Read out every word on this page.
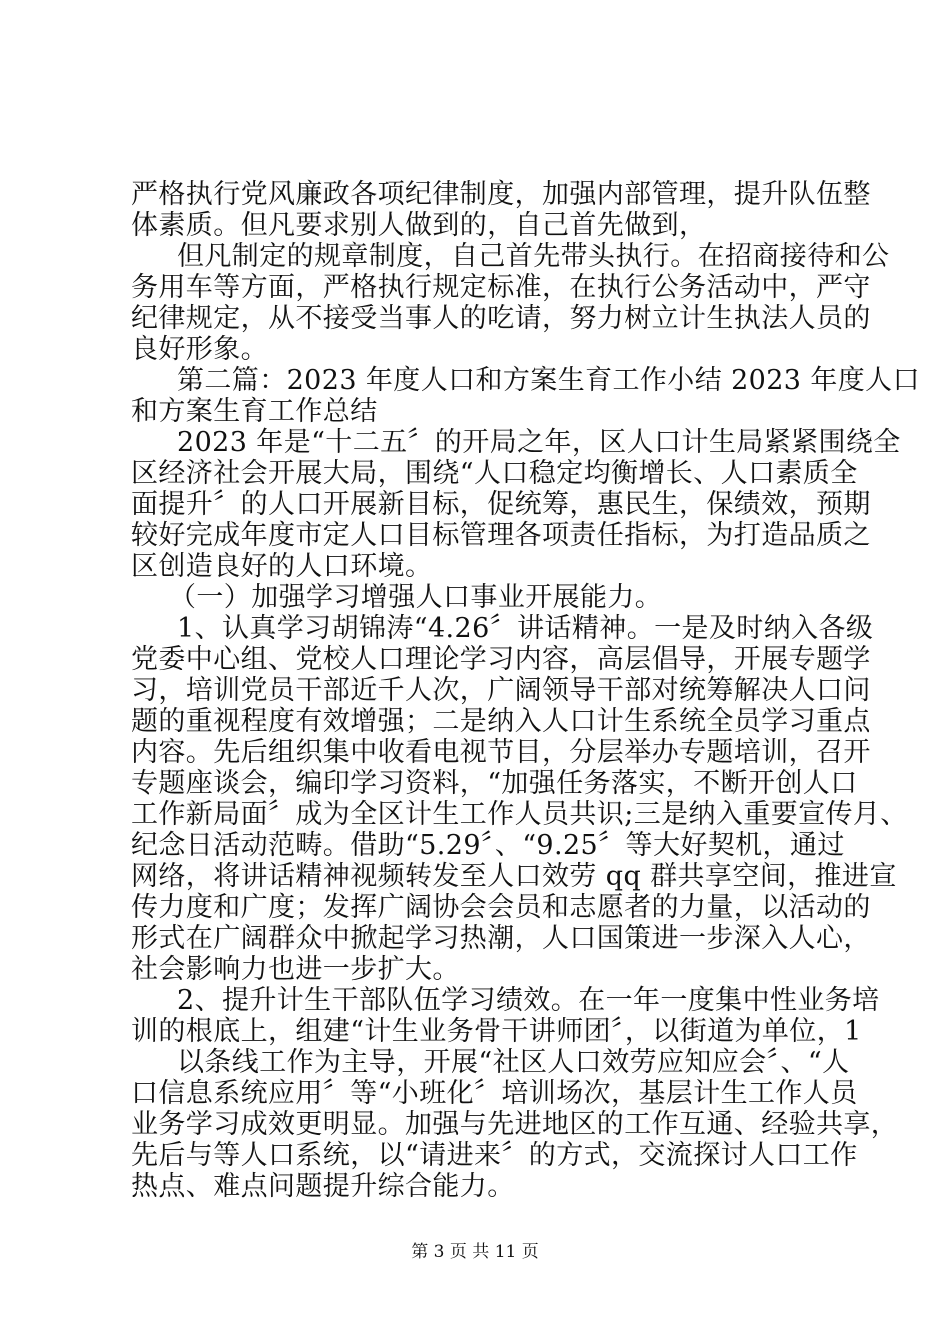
严格执行党风廉政各项纪律制度，加强内部管理，提升队伍整
体素质。但凡要求别人做到的，自己首先做到，
但凡制定的规章制度，自己首先带头执行。在招商接待和公
务用车等方面，严格执行规定标准，在执行公务活动中，严守
纪律规定，从不接受当事人的吃请，努力树立计生执法人员的
良好形象。
第二篇：2023 年度人口和方案生育工作小结 2023 年度人口
和方案生育工作总结
2023 年是“十二五〞的开局之年，区人口计生局紧紧围绕全
区经济社会开展大局，围绕“人口稳定均衡增长、人口素质全
面提升〞的人口开展新目标，促统筹，惠民生，保绩效，预期
较好完成年度市定人口目标管理各项责任指标，为打造品质之
区创造良好的人口环境。
（一）加强学习增强人口事业开展能力。
1、认真学习胡锦涛“4.26〞讲话精神。一是及时纳入各级
党委中心组、党校人口理论学习内容，高层倡导，开展专题学
习，培训党员干部近千人次，广阔领导干部对统筹解决人口问
题的重视程度有效增强；二是纳入人口计生系统全员学习重点
内容。先后组织集中收看电视节目，分层举办专题培训，召开
专题座谈会，编印学习资料，“加强任务落实，不断开创人口
工作新局面〞成为全区计生工作人员共识;三是纳入重要宣传月、
纪念日活动范畴。借助“5.29〞、“9.25〞等大好契机，通过
网络，将讲话精神视频转发至人口效劳 qq 群共享空间，推进宣
传力度和广度；发挥广阔协会会员和志愿者的力量，以活动的
形式在广阔群众中掀起学习热潮，人口国策进一步深入人心，
社会影响力也进一步扩大。
2、提升计生干部队伍学习绩效。在一年一度集中性业务培
训的根底上，组建“计生业务骨干讲师团〞，以街道为单位，1
以条线工作为主导，开展“社区人口效劳应知应会〞、“人
口信息系统应用〞等“小班化〞培训场次，基层计生工作人员
业务学习成效更明显。加强与先进地区的工作互通、经验共享，
先后与等人口系统，以“请进来〞的方式，交流探讨人口工作
热点、难点问题提升综合能力。
第 3 页 共 11 页
